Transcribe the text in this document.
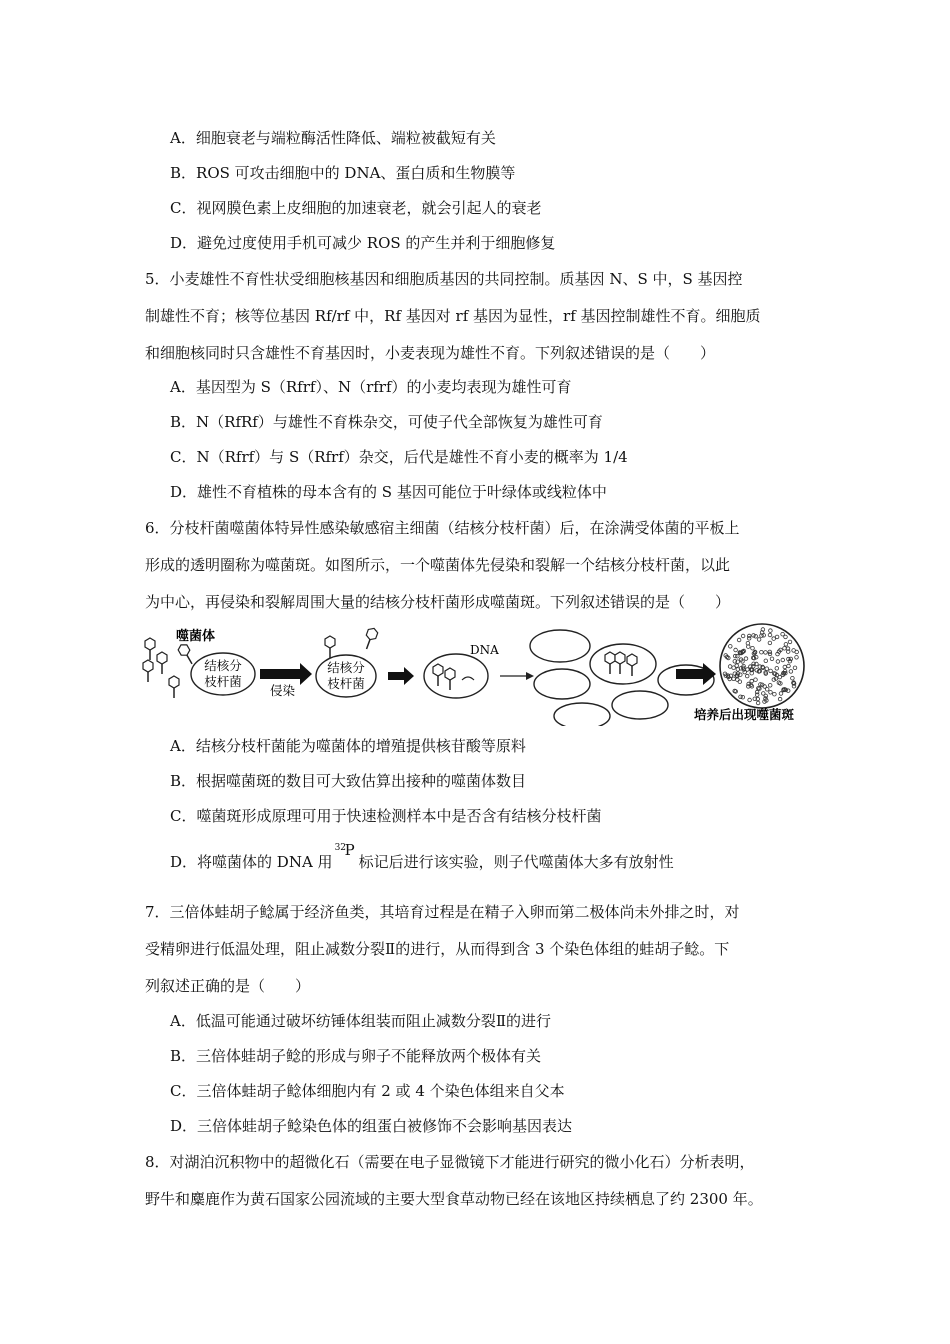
A．细胞衰老与端粒酶活性降低、端粒被截短有关
B．ROS 可攻击细胞中的 DNA、蛋白质和生物膜等
C．视网膜色素上皮细胞的加速衰老，就会引起人的衰老
D．避免过度使用手机可减少 ROS 的产生并利于细胞修复
5．小麦雄性不育性状受细胞核基因和细胞质基因的共同控制。质基因 N、S 中，S 基因控
制雄性不育；核等位基因 Rf/rf 中，Rf 基因对 rf 基因为显性，rf 基因控制雄性不育。细胞质
和细胞核同时只含雄性不育基因时，小麦表现为雄性不育。下列叙述错误的是（　　）
A．基因型为 S（Rfrf）、N（rfrf）的小麦均表现为雄性可育
B．N（RfRf）与雄性不育株杂交，可使子代全部恢复为雄性可育
C．N（Rfrf）与 S（Rfrf）杂交，后代是雄性不育小麦的概率为 1/4
D．雄性不育植株的母本含有的 S 基因可能位于叶绿体或线粒体中
6．分枝杆菌噬菌体特异性感染敏感宿主细菌（结核分枝杆菌）后，在涂满受体菌的平板上
形成的透明圈称为噬菌斑。如图所示，一个噬菌体先侵染和裂解一个结核分枝杆菌，以此
为中心，再侵染和裂解周围大量的结核分枝杆菌形成噬菌斑。下列叙述错误的是（　　）
噬菌体
结核分
枝杆菌
侵染
结核分
枝杆菌
DNA
培养后出现噬菌斑
A．结核分枝杆菌能为噬菌体的增殖提供核苷酸等原料
B．根据噬菌斑的数目可大致估算出接种的噬菌体数目
C．噬菌斑形成原理可用于快速检测样本中是否含有结核分枝杆菌
D．将噬菌体的 DNA 用
32
P
标记后进行该实验，则子代噬菌体大多有放射性
7．三倍体蛙胡子鲶属于经济鱼类，其培育过程是在精子入卵而第二极体尚未外排之时，对
受精卵进行低温处理，阻止减数分裂Ⅱ的进行，从而得到含 3 个染色体组的蛙胡子鲶。下
列叙述正确的是（　　）
A．低温可能通过破坏纺锤体组装而阻止减数分裂Ⅱ的进行
B．三倍体蛙胡子鲶的形成与卵子不能释放两个极体有关
C．三倍体蛙胡子鲶体细胞内有 2 或 4 个染色体组来自父本
D．三倍体蛙胡子鲶染色体的组蛋白被修饰不会影响基因表达
8．对湖泊沉积物中的超微化石（需要在电子显微镜下才能进行研究的微小化石）分析表明，
野牛和麋鹿作为黄石国家公园流域的主要大型食草动物已经在该地区持续栖息了约 2300 年。
